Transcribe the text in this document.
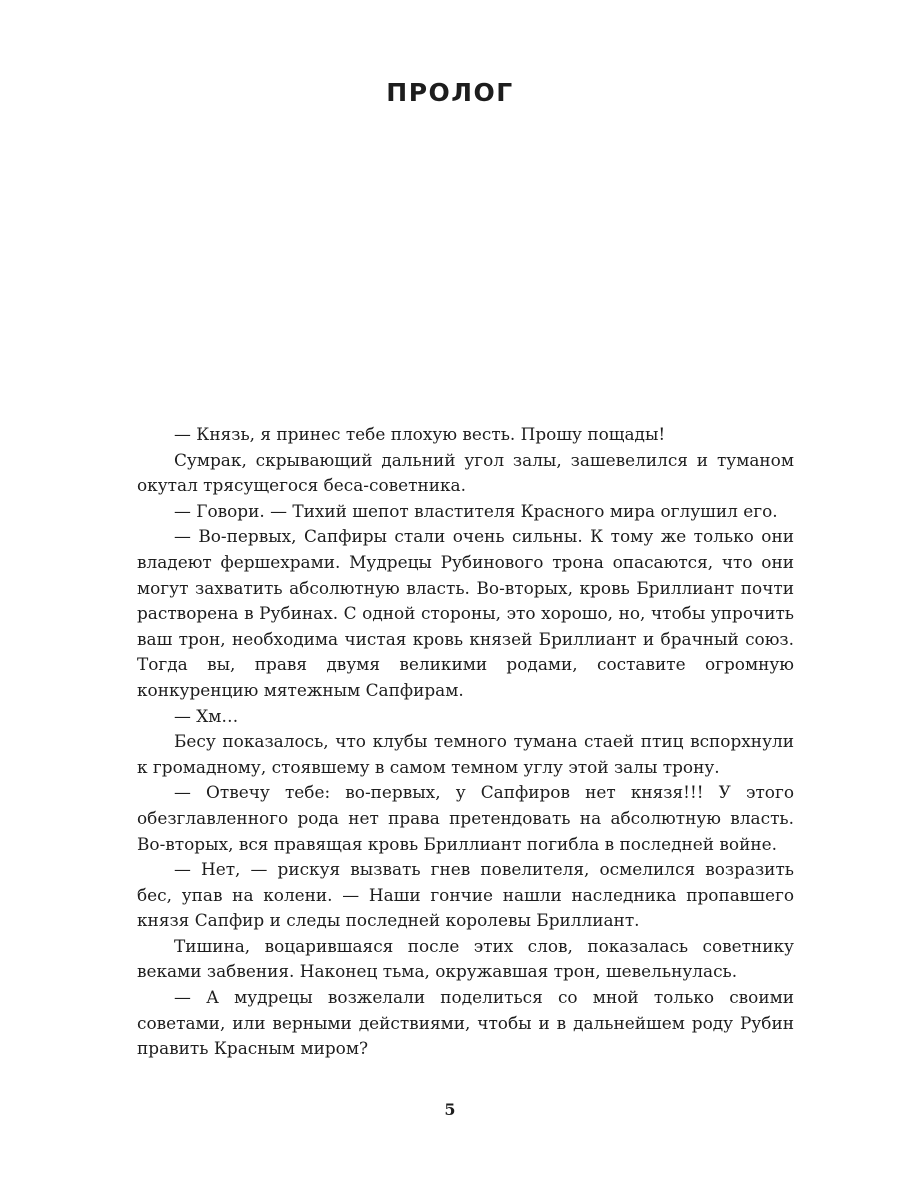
ПРОЛОГ

— Князь, я принес тебе плохую весть. Прошу пощады!

Сумрак, скрывающий дальний угол залы, зашевелился и туманом окутал трясущегося беса-советника.

— Говори. — Тихий шепот властителя Красного мира оглушил его.

— Во-первых, Сапфиры стали очень сильны. К тому же только они владеют фершехрами. Мудрецы Рубинового трона опасаются, что они могут захватить абсолютную власть. Во-вторых, кровь Бриллиант почти растворена в Рубинах. С одной стороны, это хорошо, но, чтобы упрочить ваш трон, необходима чистая кровь князей Бриллиант и брачный союз. Тогда вы, правя двумя великими родами, составите огромную конкуренцию мятежным Сапфирам.

— Хм…

Бесу показалось, что клубы темного тумана стаей птиц вспорхнули к громадному, стоявшему в самом темном углу этой залы трону.

— Отвечу тебе: во-первых, у Сапфиров нет князя!!! У этого обезглавленного рода нет права претендовать на абсолютную власть. Во-вторых, вся правящая кровь Бриллиант погибла в последней войне.

— Нет, — рискуя вызвать гнев повелителя, осмелился возразить бес, упав на колени. — Наши гончие нашли наследника пропавшего князя Сапфир и следы последней королевы Бриллиант.

Тишина, воцарившаяся после этих слов, показалась советнику веками забвения. Наконец тьма, окружавшая трон, шевельнулась.

— А мудрецы возжелали поделиться со мной только своими советами, или верными действиями, чтобы и в дальнейшем роду Рубин править Красным миром?

5
